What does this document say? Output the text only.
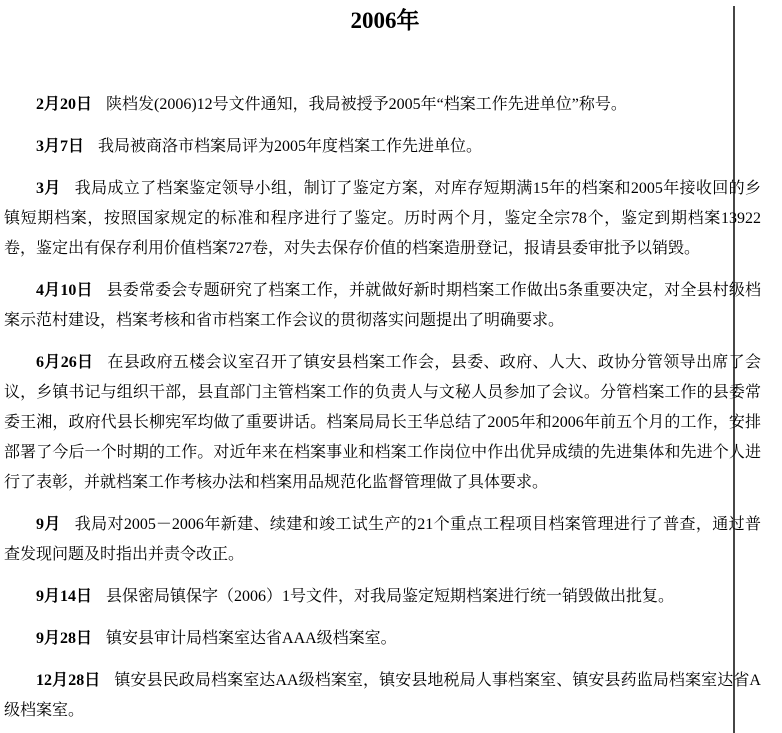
2006年

2月20日 陕档发(2006)12号文件通知，我局被授予2005年“档案工作先进单位”称号。

3月7日 我局被商洛市档案局评为2005年度档案工作先进单位。

3月 我局成立了档案鉴定领导小组，制订了鉴定方案，对库存短期满15年的档案和2005年接收回的乡镇短期档案，按照国家规定的标准和程序进行了鉴定。历时两个月，鉴定全宗78个，鉴定到期档案13922卷，鉴定出有保存利用价值档案727卷，对失去保存价值的档案造册登记，报请县委审批予以销毁。

4月10日 县委常委会专题研究了档案工作，并就做好新时期档案工作做出5条重要决定，对全县村级档案示范村建设，档案考核和省市档案工作会议的贯彻落实问题提出了明确要求。

6月26日 在县政府五楼会议室召开了镇安县档案工作会，县委、政府、人大、政协分管领导出席了会议，乡镇书记与组织干部，县直部门主管档案工作的负责人与文秘人员参加了会议。分管档案工作的县委常委王湘，政府代县长柳宪军均做了重要讲话。档案局局长王华总结了2005年和2006年前五个月的工作，安排部署了今后一个时期的工作。对近年来在档案事业和档案工作岗位中作出优异成绩的先进集体和先进个人进行了表彰，并就档案工作考核办法和档案用品规范化监督管理做了具体要求。

9月 我局对2005－2006年新建、续建和竣工试生产的21个重点工程项目档案管理进行了普查，通过普查发现问题及时指出并责令改正。

9月14日 县保密局镇保字（2006）1号文件，对我局鉴定短期档案进行统一销毁做出批复。

9月28日 镇安县审计局档案室达省AAA级档案室。

12月28日 镇安县民政局档案室达AA级档案室，镇安县地税局人事档案室、镇安县药监局档案室达省A级档案室。
